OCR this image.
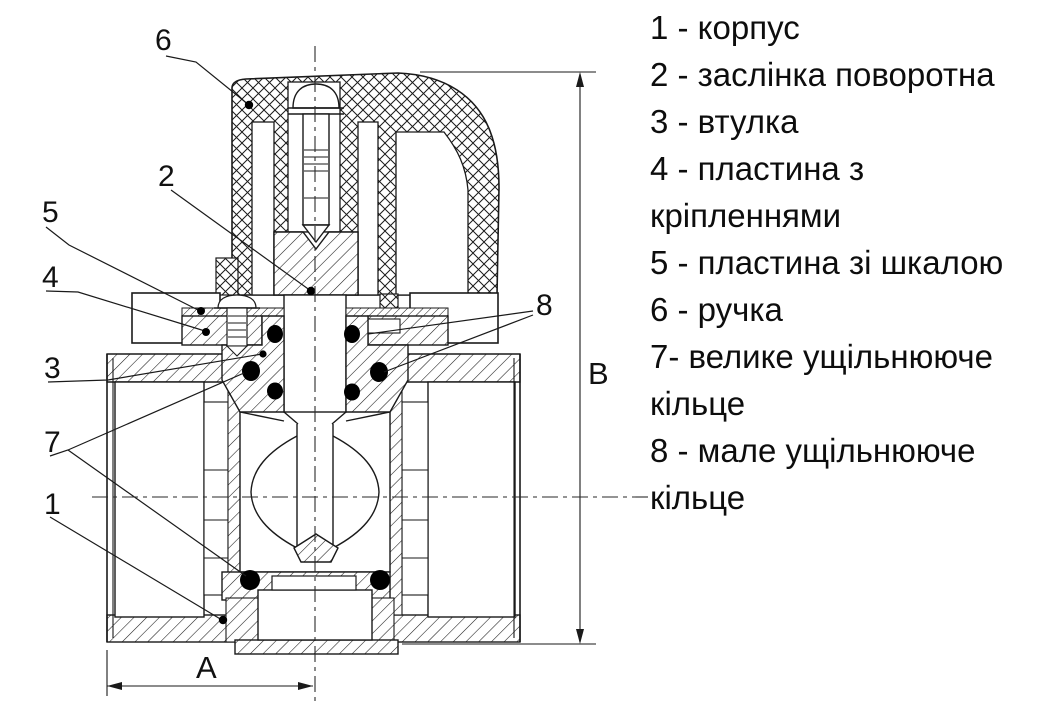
B
A
6
2
5
4
3
7
1
8
1 - корпус
2 - заслінка поворотна
3 - втулка
4 - пластина з кріпленнями
5 - пластина зі шкалою
6 - ручка
7- велике ущільнююче кільце
8 - мале ущільнююче кільце
